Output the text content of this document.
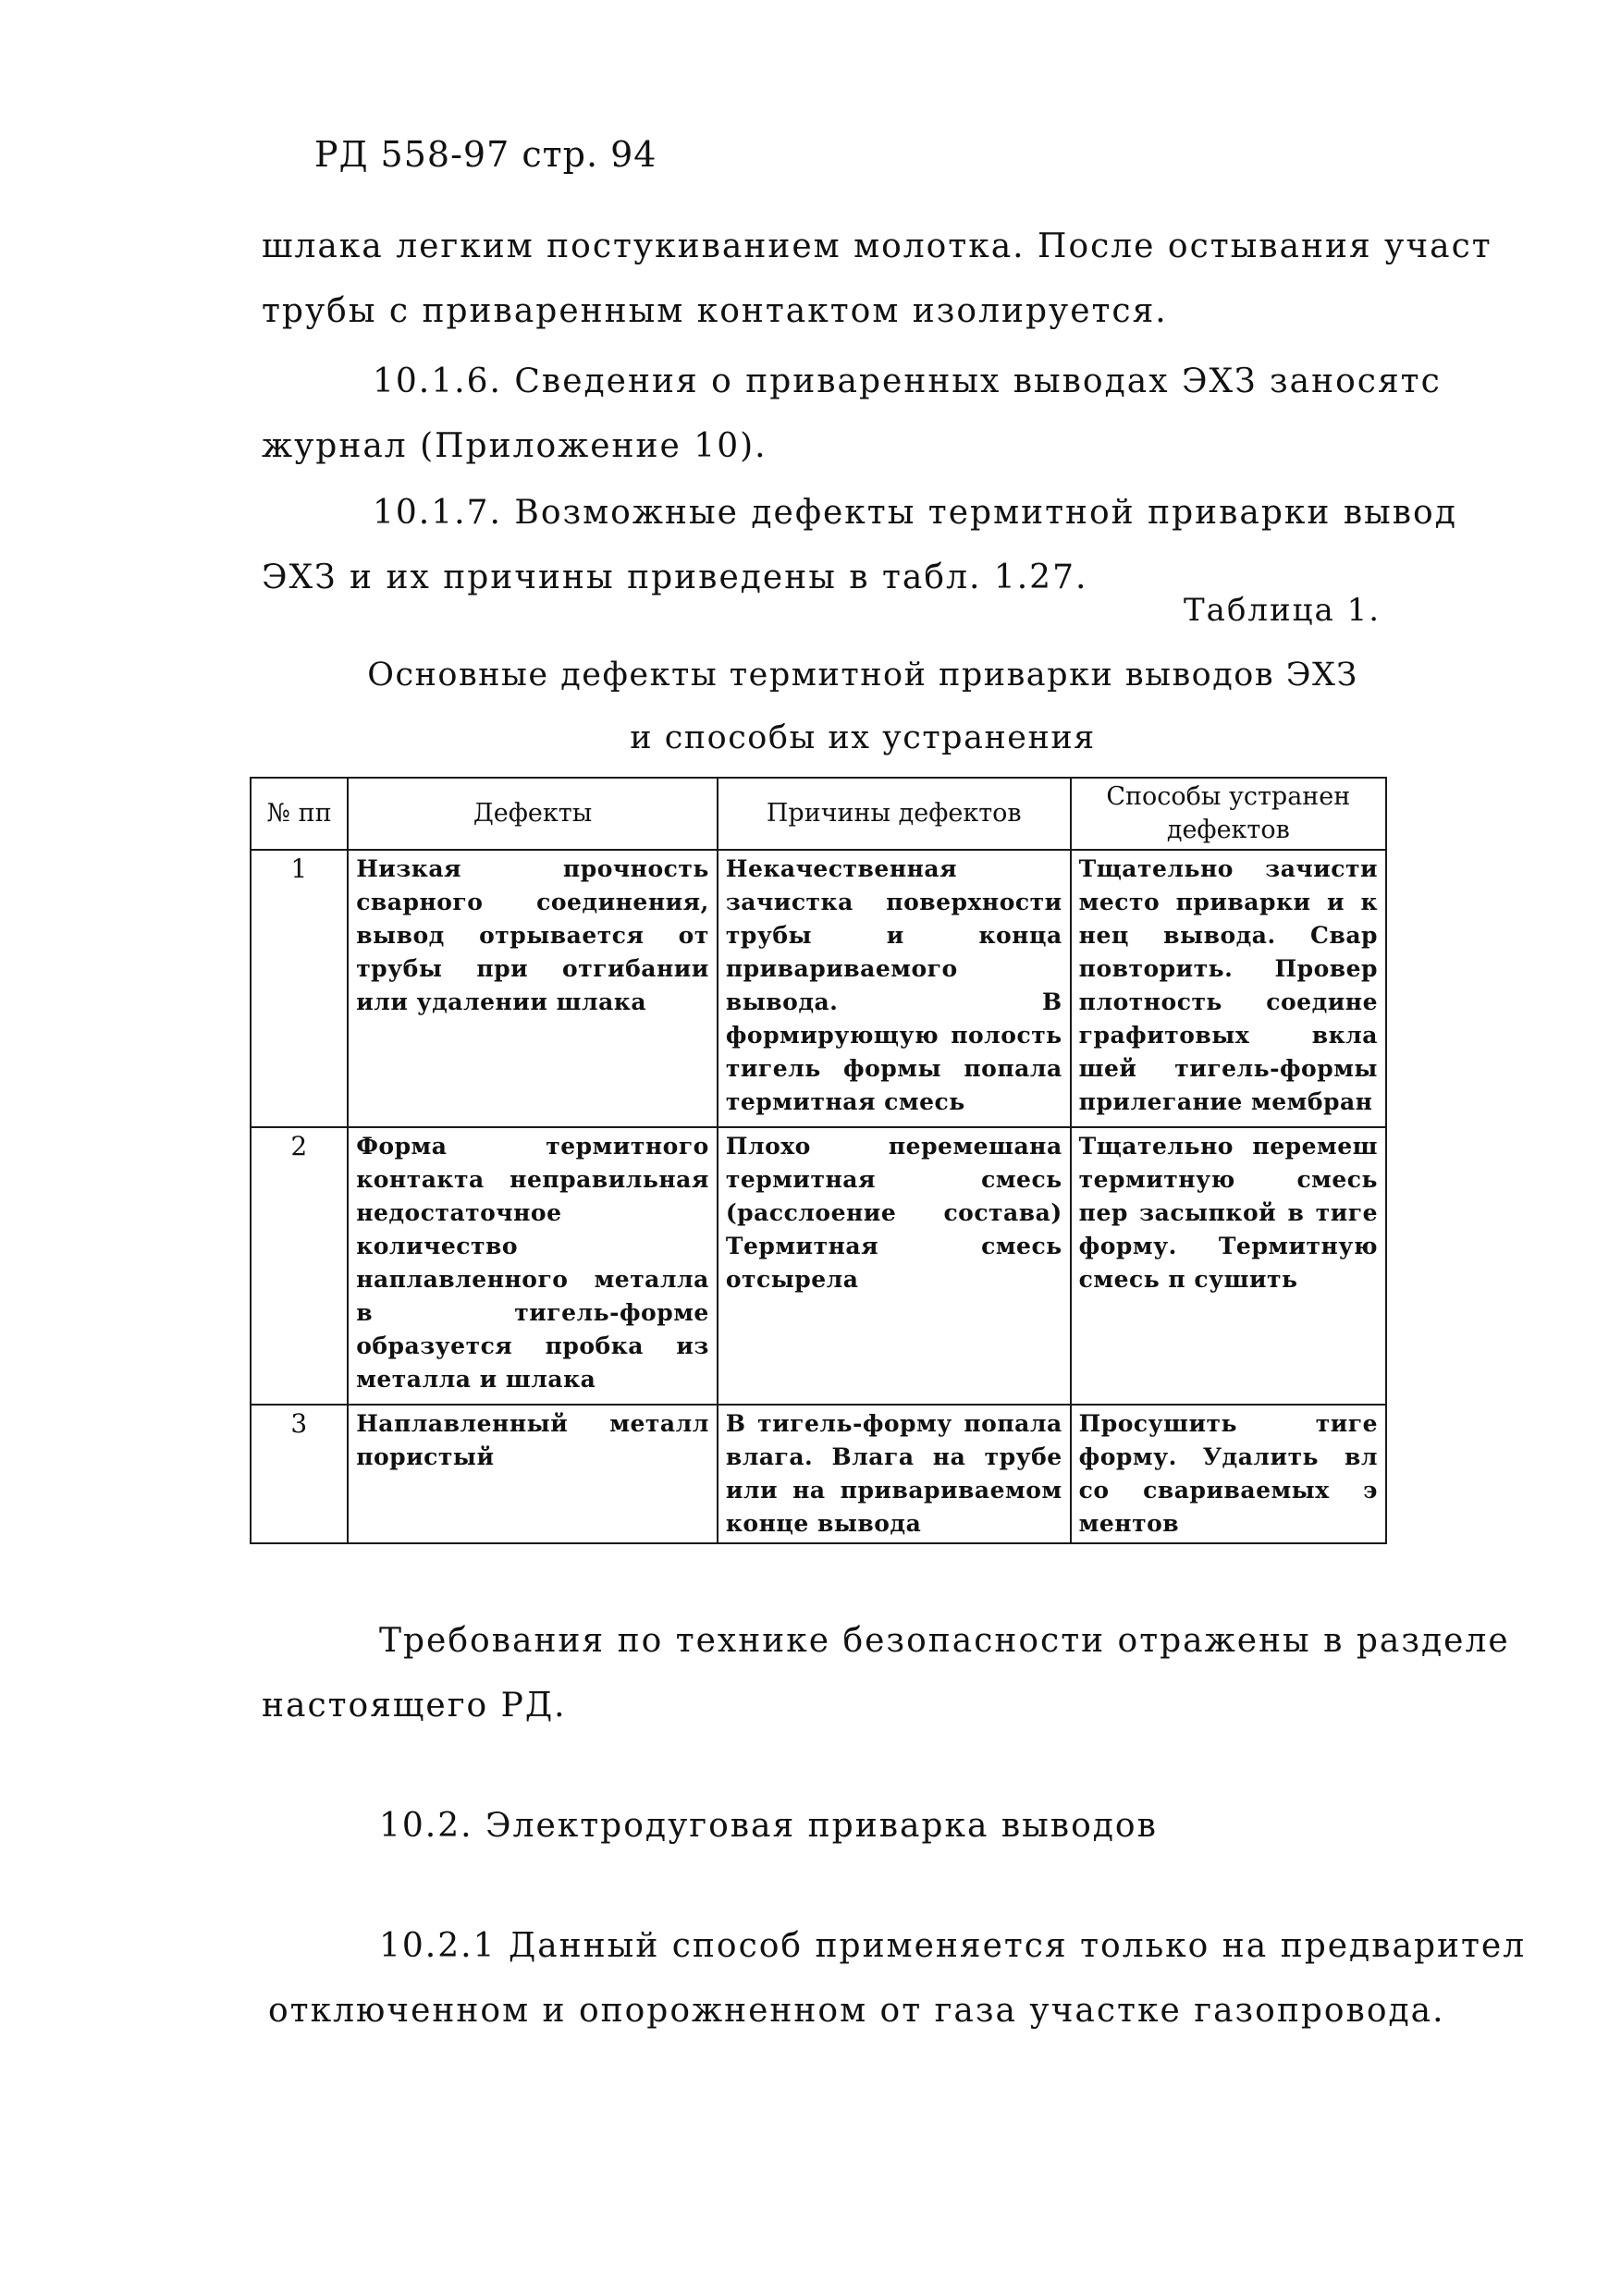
РД 558-97 стр. 94
шлака легким постукиванием молотка. После остывания участ
трубы с приваренным контактом изолируется.
10.1.6. Сведения о приваренных выводах ЭХЗ заносятс
журнал (Приложение 10).
10.1.7. Возможные дефекты термитной приварки вывод
ЭХЗ и их причины приведены в табл. 1.27.
Таблица 1.
Основные дефекты термитной приварки выводов ЭХЗ
и способы их устранения
№ пп	Дефекты	Причины дефектов	Способы устранен дефектов
1	Низкая прочность сварного соединения, вывод отрывается от трубы при отгибании или удалении шлака	Некачественная зачистка поверхности трубы и конца привариваемого вывода. В формирующую полость тигель формы попала термитная смесь	Тщательно зачисти место приварки и к нец вывода. Свар повторить. Провер плотность соедине графитовых вкла шей тигель-формы прилегание мембран
2	Форма термитного контакта неправильная недостаточное количество наплавленного металла в тигель-форме образуется пробка из металла и шлака	Плохо перемешана термитная смесь (расслоение состава) Термитная смесь отсырела	Тщательно перемеш термитную смесь пер засыпкой в тиге форму. Термитную смесь п сушить
3	Наплавленный металл пористый	В тигель-форму попала влага. Влага на трубе или на привариваемом конце вывода	Просушить тиге форму. Удалить вл со свариваемых э ментов
Требования по технике безопасности отражены в разделе
настоящего РД.
10.2. Электродуговая приварка выводов
10.2.1 Данный способ применяется только на предварител
отключенном и опорожненном от газа участке газопровода.
